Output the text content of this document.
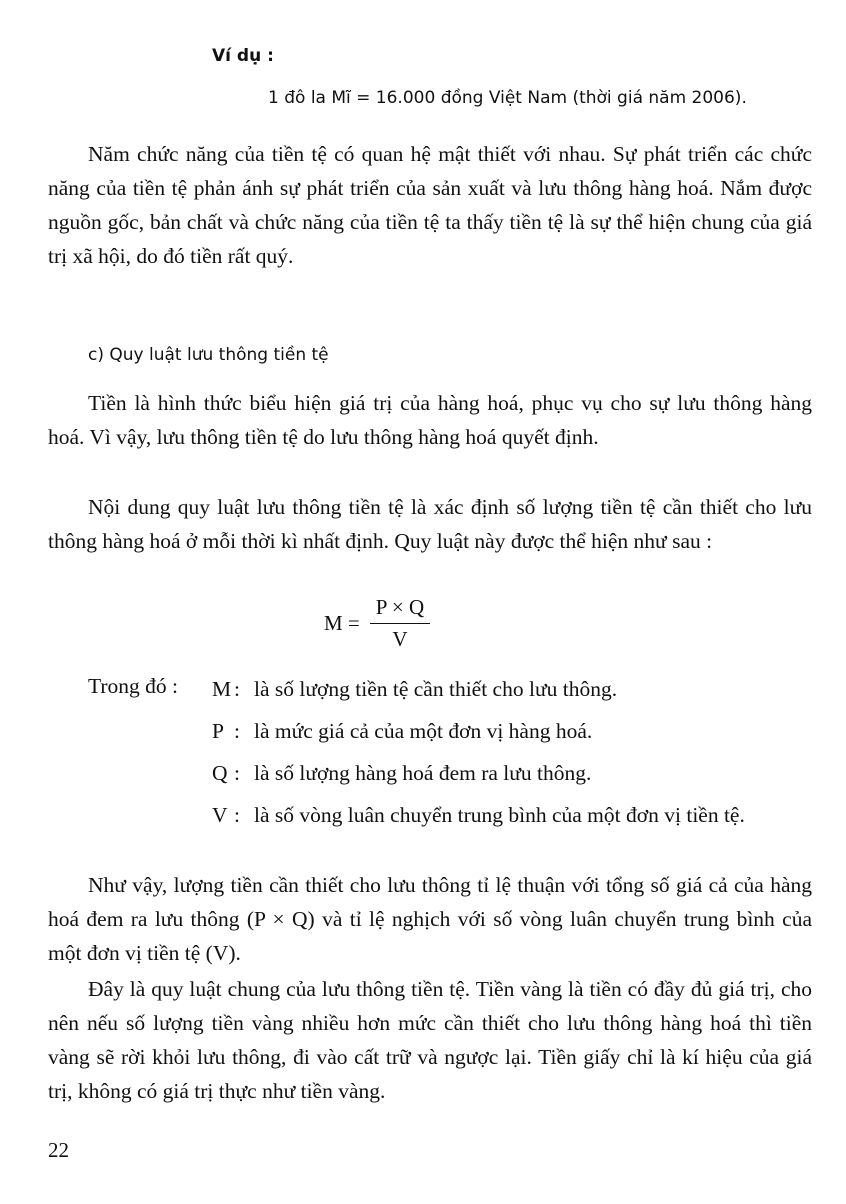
Ví dụ :
1 đô la Mĩ = 16.000 đồng Việt Nam (thời giá năm 2006).

Năm chức năng của tiền tệ có quan hệ mật thiết với nhau. Sự phát triển các chức năng của tiền tệ phản ánh sự phát triển của sản xuất và lưu thông hàng hoá. Nắm được nguồn gốc, bản chất và chức năng của tiền tệ ta thấy tiền tệ là sự thể hiện chung của giá trị xã hội, do đó tiền rất quý.

c) Quy luật lưu thông tiền tệ

Tiền là hình thức biểu hiện giá trị của hàng hoá, phục vụ cho sự lưu thông hàng hoá. Vì vậy, lưu thông tiền tệ do lưu thông hàng hoá quyết định.

Nội dung quy luật lưu thông tiền tệ là xác định số lượng tiền tệ cần thiết cho lưu thông hàng hoá ở mỗi thời kì nhất định. Quy luật này được thể hiện như sau :

$M = \frac{P \times Q}{V}$
Trong đó : M : là số lượng tiền tệ cần thiết cho lưu thông.
P : là mức giá cả của một đơn vị hàng hoá.
Q : là số lượng hàng hoá đem ra lưu thông.
V : là số vòng luân chuyển trung bình của một đơn vị tiền tệ.

Như vậy, lượng tiền cần thiết cho lưu thông tỉ lệ thuận với tổng số giá cả của hàng hoá đem ra lưu thông (P × Q) và tỉ lệ nghịch với số vòng luân chuyển trung bình của một đơn vị tiền tệ (V).

Đây là quy luật chung của lưu thông tiền tệ. Tiền vàng là tiền có đầy đủ giá trị, cho nên nếu số lượng tiền vàng nhiều hơn mức cần thiết cho lưu thông hàng hoá thì tiền vàng sẽ rời khỏi lưu thông, đi vào cất trữ và ngược lại. Tiền giấy chỉ là kí hiệu của giá trị, không có giá trị thực như tiền vàng.

22
